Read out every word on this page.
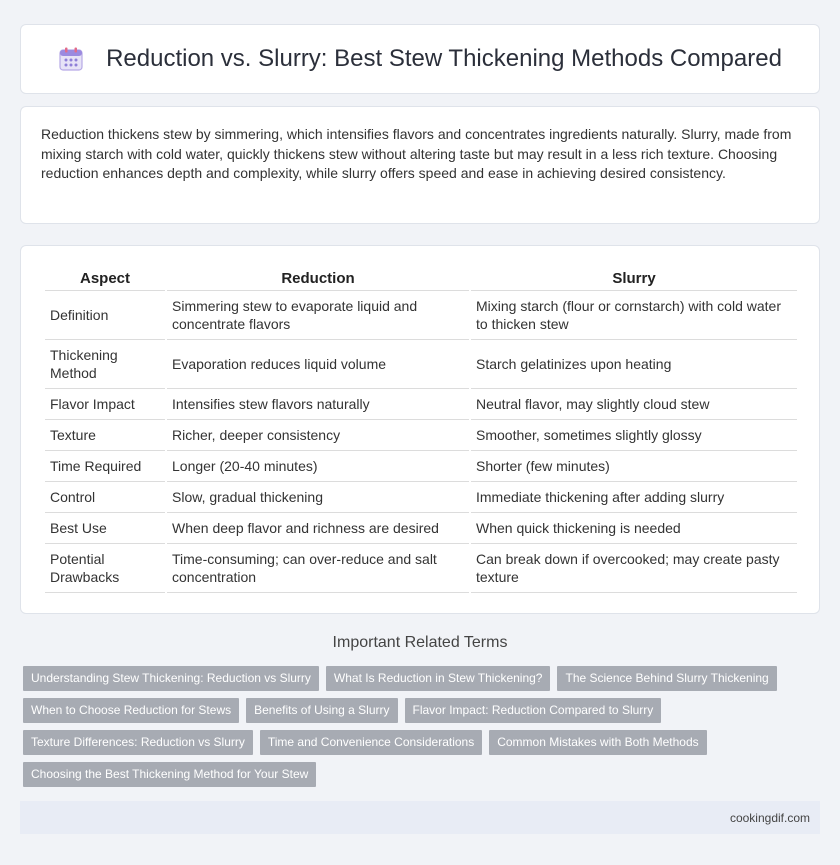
Reduction vs. Slurry: Best Stew Thickening Methods Compared

Reduction thickens stew by simmering, which intensifies flavors and concentrates ingredients naturally. Slurry, made from mixing starch with cold water, quickly thickens stew without altering taste but may result in a less rich texture. Choosing reduction enhances depth and complexity, while slurry offers speed and ease in achieving desired consistency.

Aspect	Reduction	Slurry
Definition	Simmering stew to evaporate liquid and concentrate flavors	Mixing starch (flour or cornstarch) with cold water to thicken stew
Thickening Method	Evaporation reduces liquid volume	Starch gelatinizes upon heating
Flavor Impact	Intensifies stew flavors naturally	Neutral flavor, may slightly cloud stew
Texture	Richer, deeper consistency	Smoother, sometimes slightly glossy
Time Required	Longer (20-40 minutes)	Shorter (few minutes)
Control	Slow, gradual thickening	Immediate thickening after adding slurry
Best Use	When deep flavor and richness are desired	When quick thickening is needed
Potential Drawbacks	Time-consuming; can over-reduce and salt concentration	Can break down if overcooked; may create pasty texture
Important Related Terms
Understanding Stew Thickening: Reduction vs Slurry	What Is Reduction in Stew Thickening?	The Science Behind Slurry Thickening
When to Choose Reduction for Stews	Benefits of Using a Slurry	Flavor Impact: Reduction Compared to Slurry
Texture Differences: Reduction vs Slurry	Time and Convenience Considerations	Common Mistakes with Both Methods
Choosing the Best Thickening Method for Your Stew
cookingdif.com
